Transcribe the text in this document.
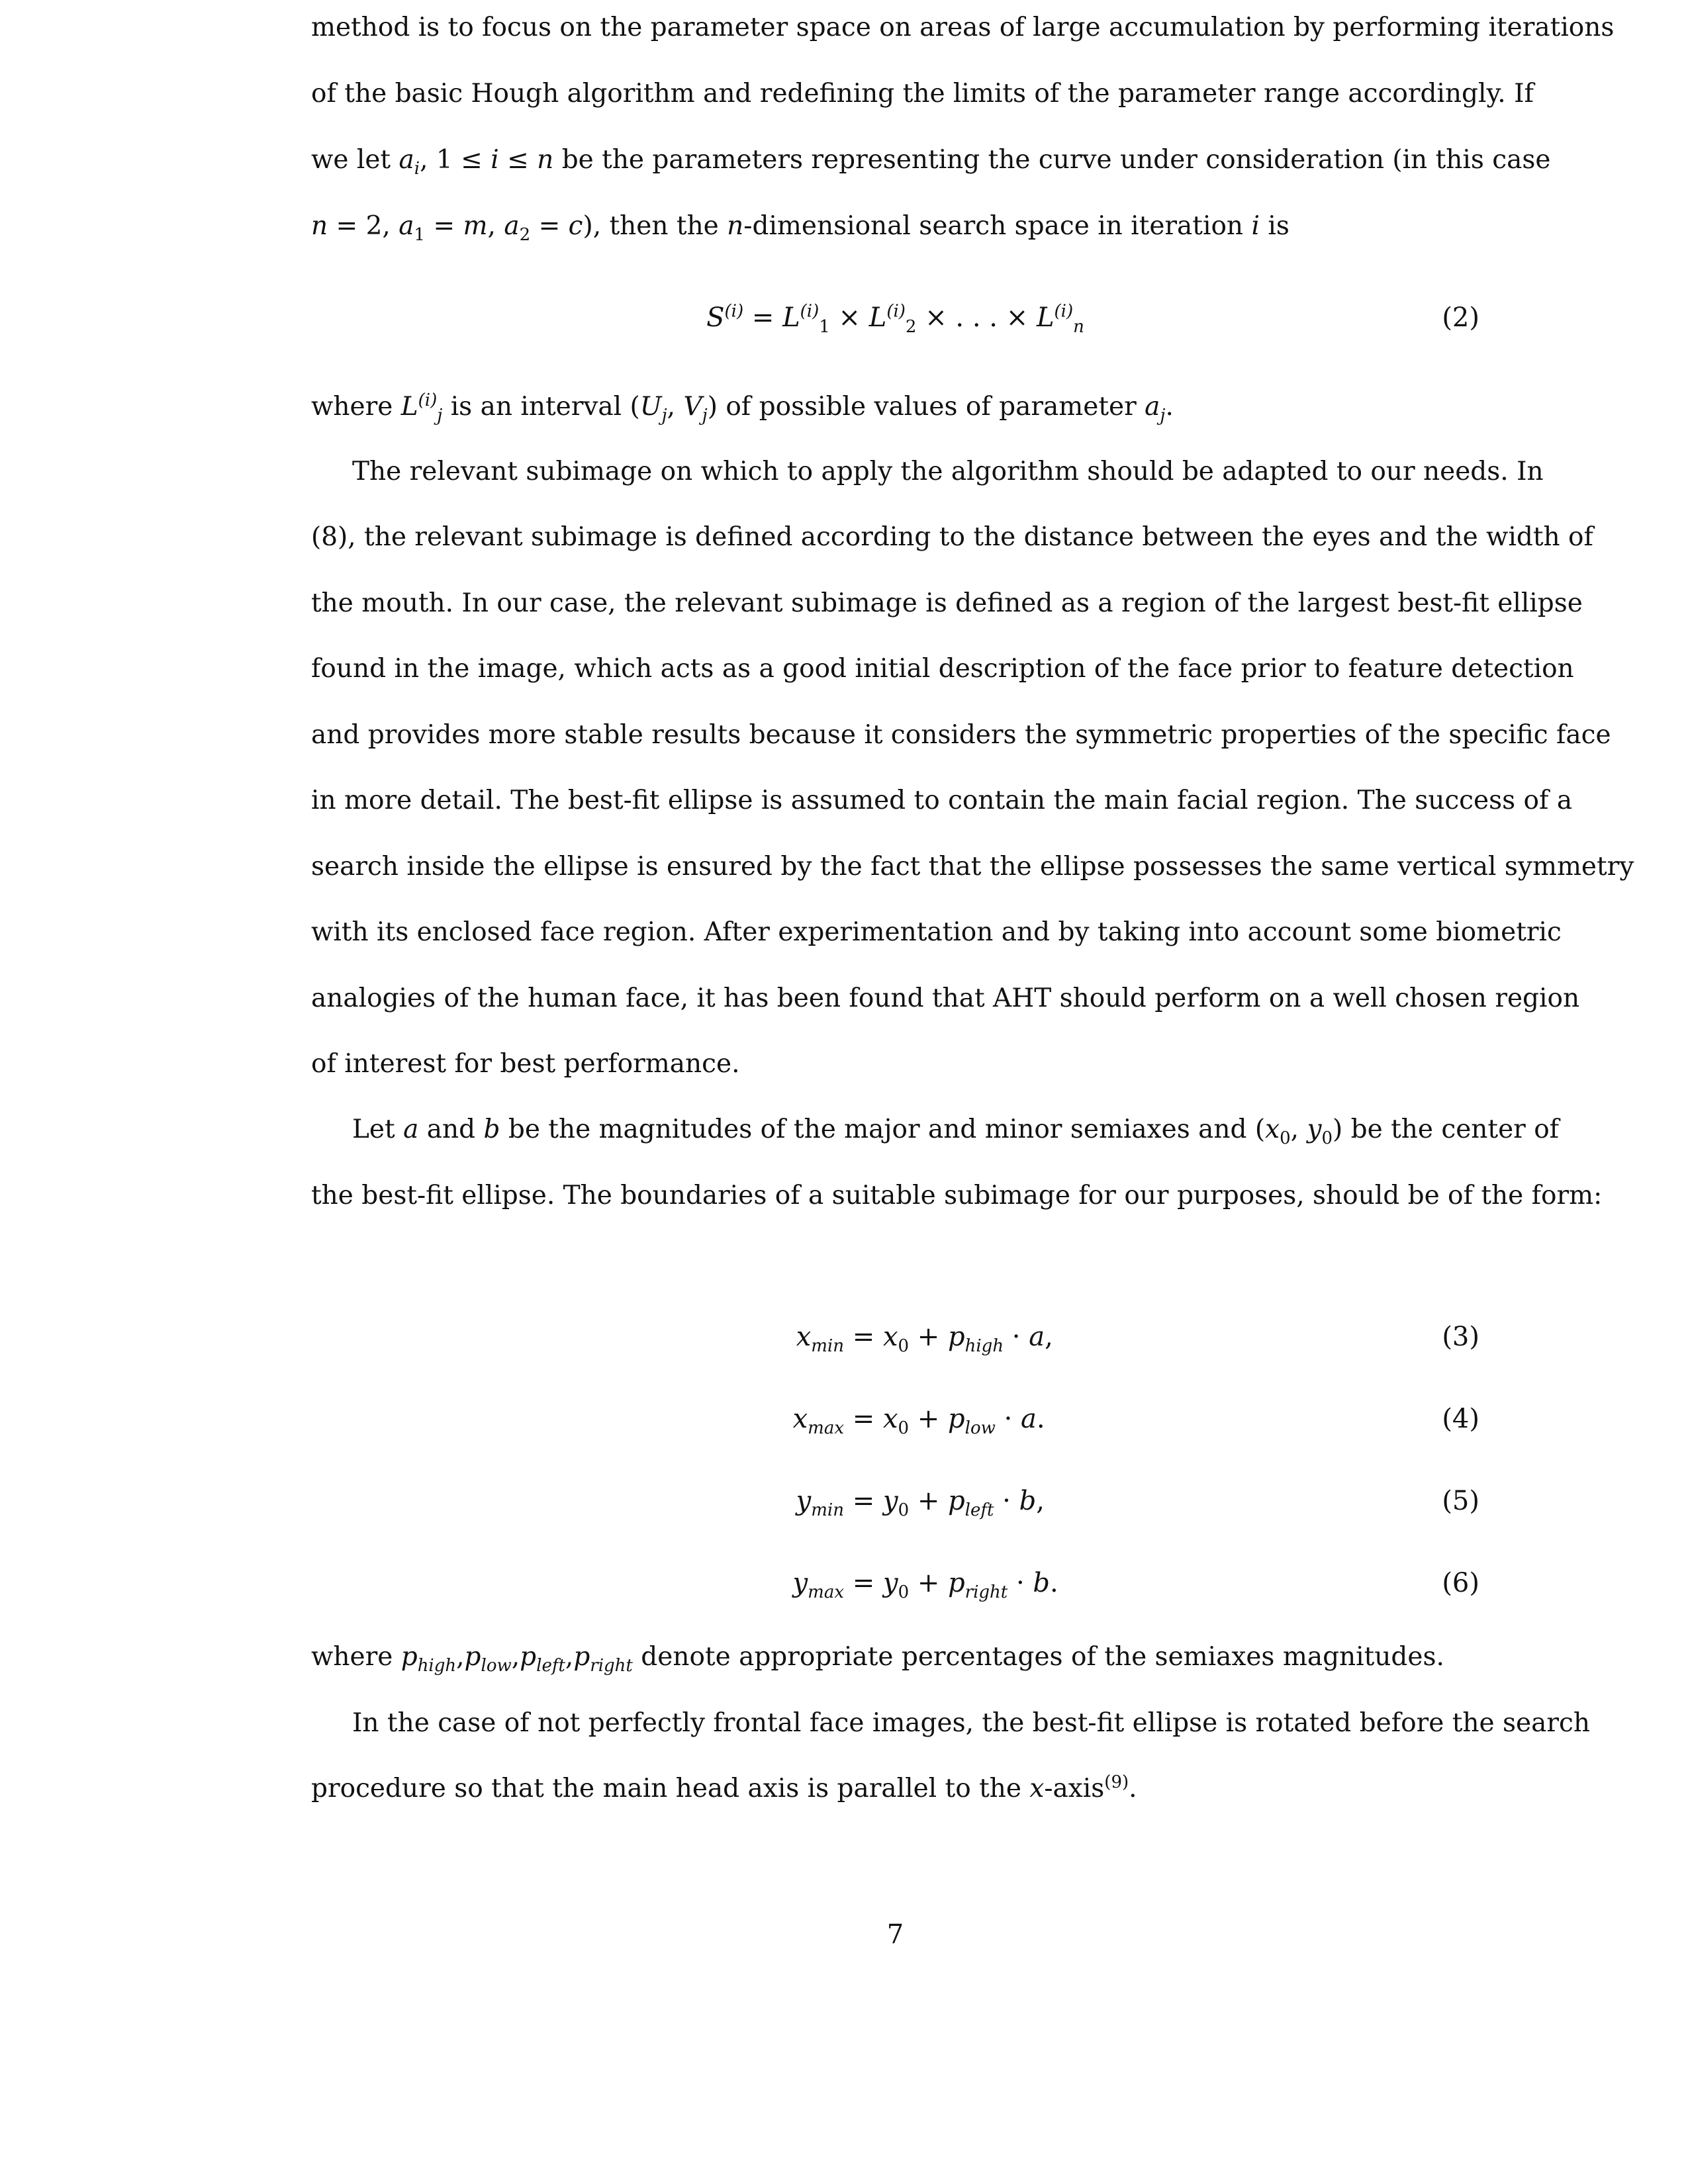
method is to focus on the parameter space on areas of large accumulation by performing iterations
of the basic Hough algorithm and redefining the limits of the parameter range accordingly. If
we let $a_i$, 1 ≤ i ≤ n be the parameters representing the curve under consideration (in this case
n = 2, $a_1 = m$, $a_2 = c$), then the n-dimensional search space in iteration i is
$S^{(i)} = L^{(i)}_1 \times L^{(i)}_2$ × . . . × $L^{(i)}_n$	(2)
where $L^{(i)}_j$ is an interval ($U_j$, $V_j$) of possible values of parameter $a_j$.
The relevant subimage on which to apply the algorithm should be adapted to our needs. In
(8), the relevant subimage is defined according to the distance between the eyes and the width of
the mouth. In our case, the relevant subimage is defined as a region of the largest best-fit ellipse
found in the image, which acts as a good initial description of the face prior to feature detection
and provides more stable results because it considers the symmetric properties of the specific face
in more detail. The best-fit ellipse is assumed to contain the main facial region. The success of a
search inside the ellipse is ensured by the fact that the ellipse possesses the same vertical symmetry
with its enclosed face region. After experimentation and by taking into account some biometric
analogies of the human face, it has been found that AHT should perform on a well chosen region
of interest for best performance.
Let a and b be the magnitudes of the major and minor semiaxes and ($x_0$, $y_0$) be the center of
the best-fit ellipse. The boundaries of a suitable subimage for our purposes, should be of the form:
$x_{min} = x_0 + p_{high} \cdot a$,	(3)
$x_{max} = x_0 + p_{low} \cdot a$.	(4)
$y_{min} = y_0 + p_{left} \cdot b$,	(5)
$y_{max} = y_0 + p_{right} \cdot b$.	(6)
where $p_{high},p_{low},p_{left},p_{right}$ denote appropriate percentages of the semiaxes magnitudes.
In the case of not perfectly frontal face images, the best-fit ellipse is rotated before the search
procedure so that the main head axis is parallel to the x-axis$^{(9)}$.
7
